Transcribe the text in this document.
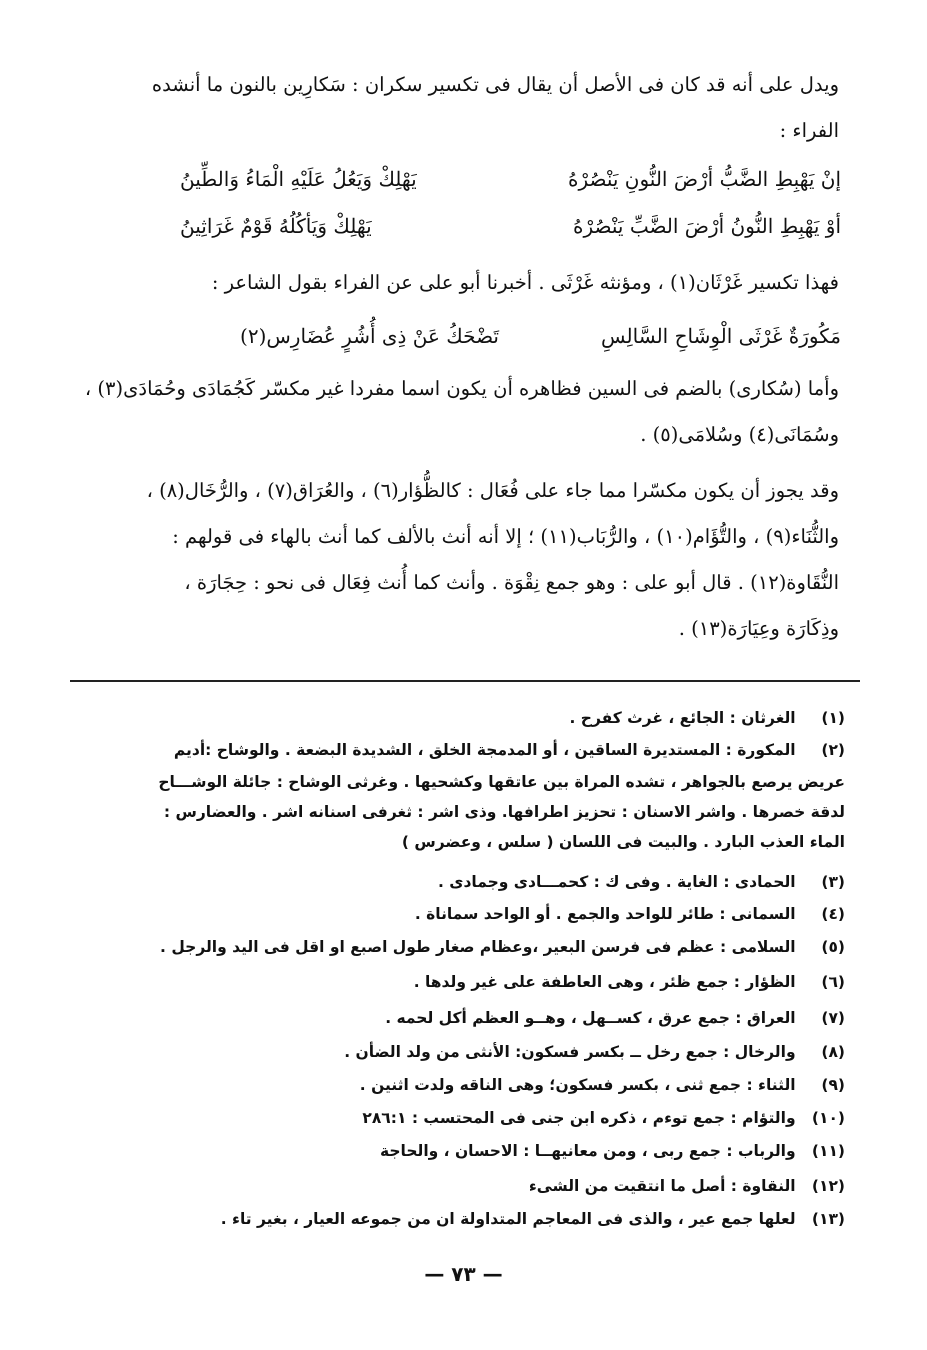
ويدل على أنه قد كان فى الأصل أن يقال فى تكسير سكران : سَكارِين بالنون ما أنشده
الفراء :
إنْ يَهْبِطِ الضَّبُّ أرْضَ النُّونِ يَنْصُرْهُ
يَهْلِكْ وَيَعُلُ عَلَيْهِ الْمَاءُ وَالطِّينُ
أوْ يَهْبِطِ النُّونُ أرْضَ الضَّبِّ يَنْصُرْهُ
يَهْلِكْ وَيَأكُلُهُ قَوْمٌ غَرَاثِينُ
فهذا تكسير غَرْثَان(١) ، ومؤنثه غَرْثَى . أخبرنا أبو على عن الفراء بقول الشاعر :
مَكُورَةٌ غَرْثَى الْوِشَاحِ السَّالِسِ
تَضْحَكُ عَنْ ذِى أُشُرٍ عُضَارِس(٢)
وأما (سُكارى) بالضم فى السين فظاهره أن يكون اسما مفردا غير مكسّر كَجُمَادَى وحُمَادَى(٣) ،
وسُمَانَى(٤) وسُلامَى(٥) .
وقد يجوز أن يكون مكسّرا مما جاء على فُعَال : كالظُّؤار(٦) ، والعُرَاق(٧) ، والرُّخَال(٨) ،
والثُّنَاء(٩) ، والتُّؤَام(١٠) ، والرُّبَاب(١١) ؛ إلا أنه أنث بالألف كما أنث بالهاء فى قولهم :
النُّقَاوة(١٢) . قال أبو على : وهو جمع نِقْوَة . وأنث كما أُنث فِعَال فى نحو : حِجَارَة ،
وذِكَارَة وعِيَارَة(١٣) .
(١) الغرثان : الجائع ، غرث كفرح .
(٢) المكورة : المستديرة الساقين ، أو المدمجة الخلق ، الشديدة البضعة . والوشاح :أديم
عريض يرصع بالجواهر ، تشده المراة بين عاتقها وكشحيها . وغرثى الوشاح : جائلة الوشـــاح
لدقة خصرها . واشر الاسنان : تحزيز اطرافها. وذى اشر : ثغرفى اسنانه اشر . والعضارس :
الماء العذب البارد . والبيت فى اللسان ( سلس ، وعضرس )
(٣) الحمادى : الغاية . وفى ك : كحمـــادى وجمادى .
(٤) السمانى : طائر للواحد والجمع . أو الواحد سماناة .
(٥) السلامى : عظم فى فرسن البعير ،وعظام صغار طول اصبع او اقل فى اليد والرجل .
(٦) الظؤار : جمع ظئر ، وهى العاطفة على غير ولدها .
(٧) العراق : جمع عرق ، كســهل ، وهــو العظم أكل لحمه .
(٨) والرخال : جمع رخل ــ بكسر فسكون: الأنثى من ولد الضأن .
(٩) الثناء : جمع ثنى ، بكسر فسكون؛ وهى الناقه ولدت اثنين .
(١٠) والتؤام : جمع توءم ، ذكره ابن جنى فى المحتسب : ٢٨٦:١
(١١) والرباب : جمع ربى ، ومن معانيهــا : الاحسان ، والحاجة
(١٢) النقاوة : أصل ما انتقيت من الشىء
(١٣) لعلها جمع عير ، والذى فى المعاجم المتداولة ان من جموعه العيار ، بغير تاء .
— ٧٣ —
